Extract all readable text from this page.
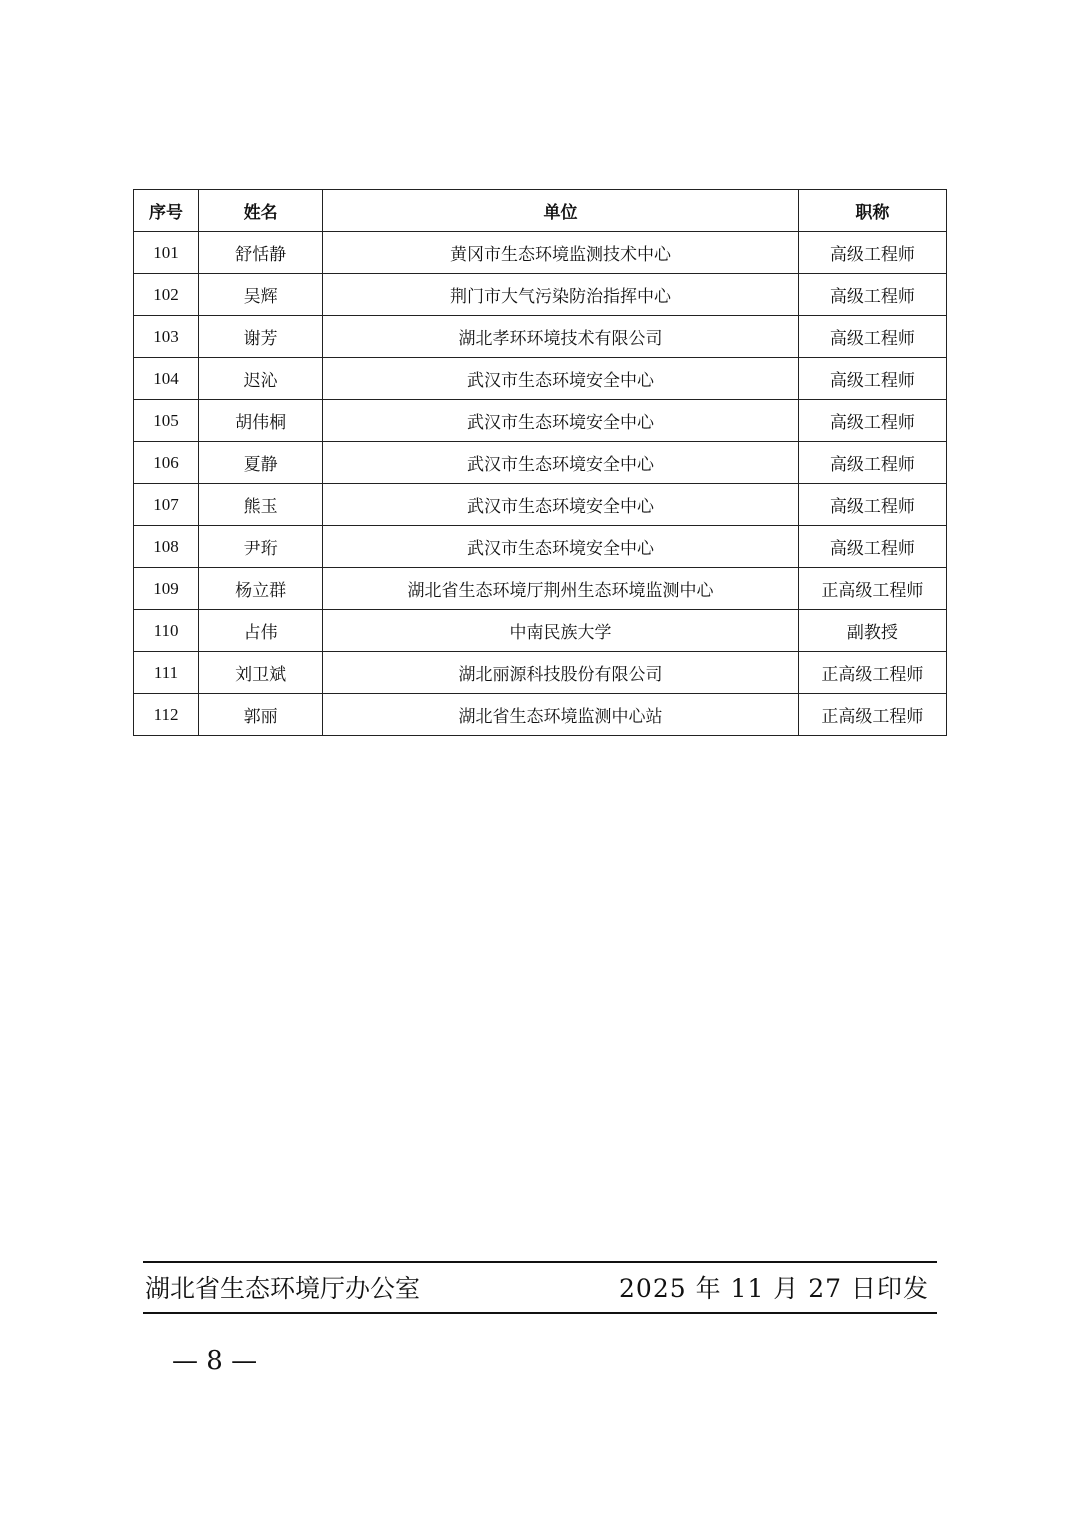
序号	姓名	单位	职称
101	舒恬静	黄冈市生态环境监测技术中心	高级工程师
102	吴辉	荆门市大气污染防治指挥中心	高级工程师
103	谢芳	湖北孝环环境技术有限公司	高级工程师
104	迟沁	武汉市生态环境安全中心	高级工程师
105	胡伟桐	武汉市生态环境安全中心	高级工程师
106	夏静	武汉市生态环境安全中心	高级工程师
107	熊玉	武汉市生态环境安全中心	高级工程师
108	尹珩	武汉市生态环境安全中心	高级工程师
109	杨立群	湖北省生态环境厅荆州生态环境监测中心	正高级工程师
110	占伟	中南民族大学	副教授
111	刘卫斌	湖北丽源科技股份有限公司	正高级工程师
112	郭丽	湖北省生态环境监测中心站	正高级工程师
湖北省生态环境厅办公室	2025 年 11 月 27 日印发
— 8 —
